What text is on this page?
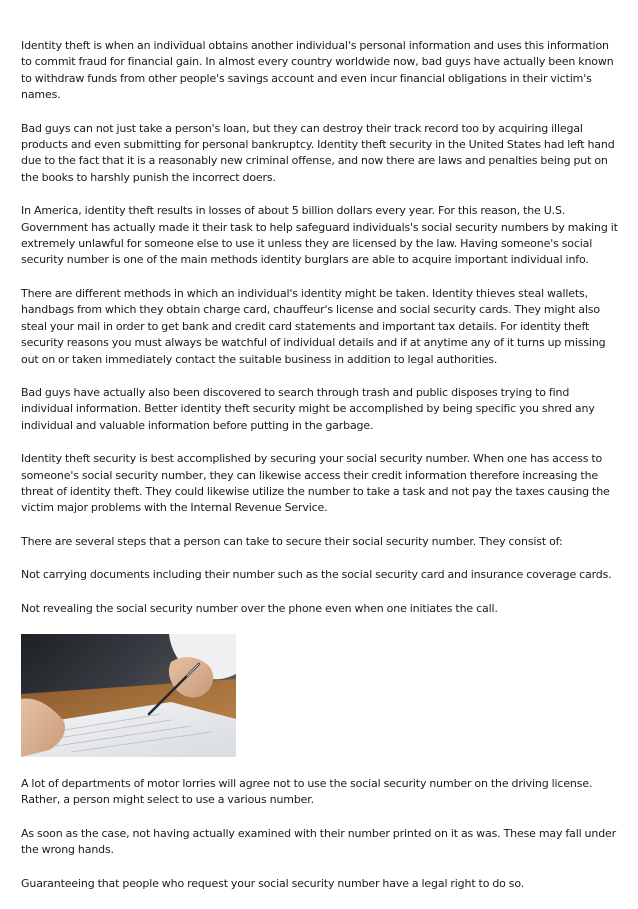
Identity theft is when an individual obtains another individual's personal information and uses this information to commit fraud for financial gain. In almost every country worldwide now, bad guys have actually been known to withdraw funds from other people's savings account and even incur financial obligations in their victim's names.

Bad guys can not just take a person's loan, but they can destroy their track record too by acquiring illegal products and even submitting for personal bankruptcy. Identity theft security in the United States had left hand due to the fact that it is a reasonably new criminal offense, and now there are laws and penalties being put on the books to harshly punish the incorrect doers.

In America, identity theft results in losses of about 5 billion dollars every year. For this reason, the U.S. Government has actually made it their task to help safeguard individuals's social security numbers by making it extremely unlawful for someone else to use it unless they are licensed by the law. Having someone's social security number is one of the main methods identity burglars are able to acquire important individual info.

There are different methods in which an individual's identity might be taken. Identity thieves steal wallets, handbags from which they obtain charge card, chauffeur's license and social security cards. They might also steal your mail in order to get bank and credit card statements and important tax details. For identity theft security reasons you must always be watchful of individual details and if at anytime any of it turns up missing out on or taken immediately contact the suitable business in addition to legal authorities.

Bad guys have actually also been discovered to search through trash and public disposes trying to find individual information. Better identity theft security might be accomplished by being specific you shred any individual and valuable information before putting in the garbage.

Identity theft security is best accomplished by securing your social security number. When one has access to someone's social security number, they can likewise access their credit information therefore increasing the threat of identity theft. They could likewise utilize the number to take a task and not pay the taxes causing the victim major problems with the Internal Revenue Service.

There are several steps that a person can take to secure their social security number. They consist of:

Not carrying documents including their number such as the social security card and insurance coverage cards.

Not revealing the social security number over the phone even when one initiates the call.

A lot of departments of motor lorries will agree not to use the social security number on the driving license. Rather, a person might select to use a various number.

As soon as the case, not having actually examined with their number printed on it as was. These may fall under the wrong hands.

Guaranteeing that people who request your social security number have a legal right to do so.
